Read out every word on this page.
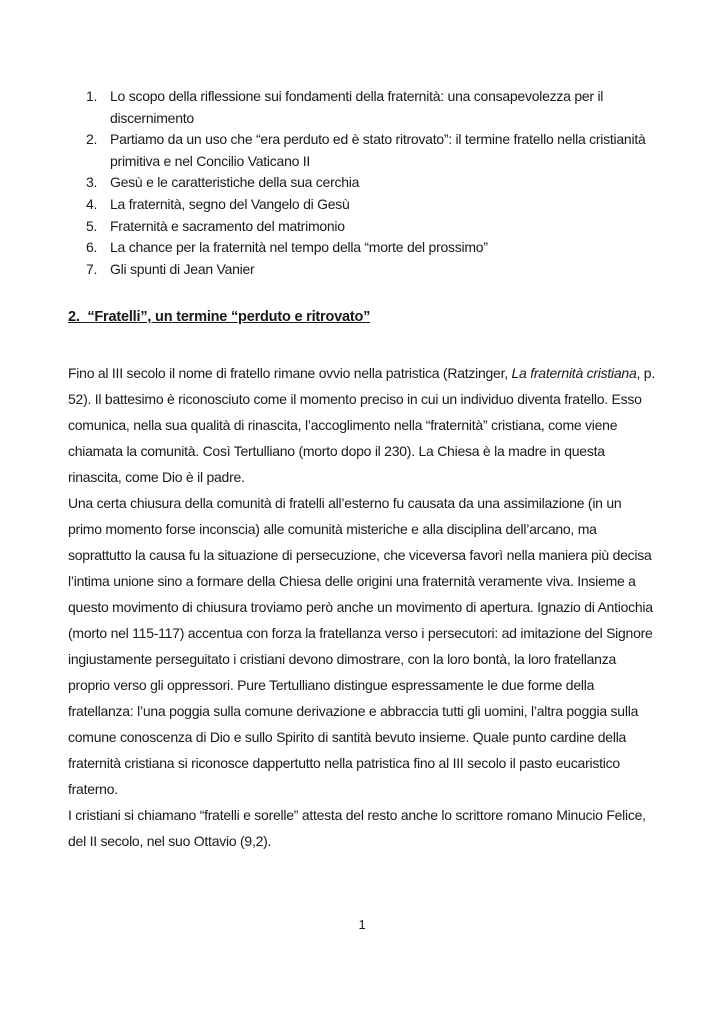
1. Lo scopo della riflessione sui fondamenti della fraternità: una consapevolezza per il discernimento
2. Partiamo da un uso che “era perduto ed è stato ritrovato”: il termine fratello nella cristianità primitiva e nel Concilio Vaticano II
3. Gesù e le caratteristiche della sua cerchia
4. La fraternità, segno del Vangelo di Gesù
5. Fraternità e sacramento del matrimonio
6. La chance per la fraternità nel tempo della “morte del prossimo”
7. Gli spunti di Jean Vanier
2.  “Fratelli”, un termine “perduto e ritrovato”

Fino al III secolo il nome di fratello rimane ovvio nella patristica (Ratzinger, La fraternità cristiana, p. 52). Il battesimo è riconosciuto come il momento preciso in cui un individuo diventa fratello. Esso comunica, nella sua qualità di rinascita, l’accoglimento nella “fraternità” cristiana, come viene chiamata la comunità. Così Tertulliano (morto dopo il 230). La Chiesa è la madre in questa rinascita, come Dio è il padre.

Una certa chiusura della comunità di fratelli all’esterno fu causata da una assimilazione (in un primo momento forse inconscia) alle comunità misteriche e alla disciplina dell’arcano, ma soprattutto la causa fu la situazione di persecuzione, che viceversa favorì nella maniera più decisa l’intima unione sino a formare della Chiesa delle origini una fraternità veramente viva. Insieme a questo movimento di chiusura troviamo però anche un movimento di apertura. Ignazio di Antiochia (morto nel 115-117) accentua con forza la fratellanza verso i persecutori: ad imitazione del Signore ingiustamente perseguitato i cristiani devono dimostrare, con la loro bontà, la loro fratellanza proprio verso gli oppressori. Pure Tertulliano distingue espressamente le due forme della fratellanza: l’una poggia sulla comune derivazione e abbraccia tutti gli uomini, l’altra poggia sulla comune conoscenza di Dio e sullo Spirito di santità bevuto insieme. Quale punto cardine della fraternità cristiana si riconosce dappertutto nella patristica fino al III secolo il pasto eucaristico fraterno.

I cristiani si chiamano “fratelli e sorelle” attesta del resto anche lo scrittore romano Minucio Felice, del II secolo, nel suo Ottavio (9,2).

1
